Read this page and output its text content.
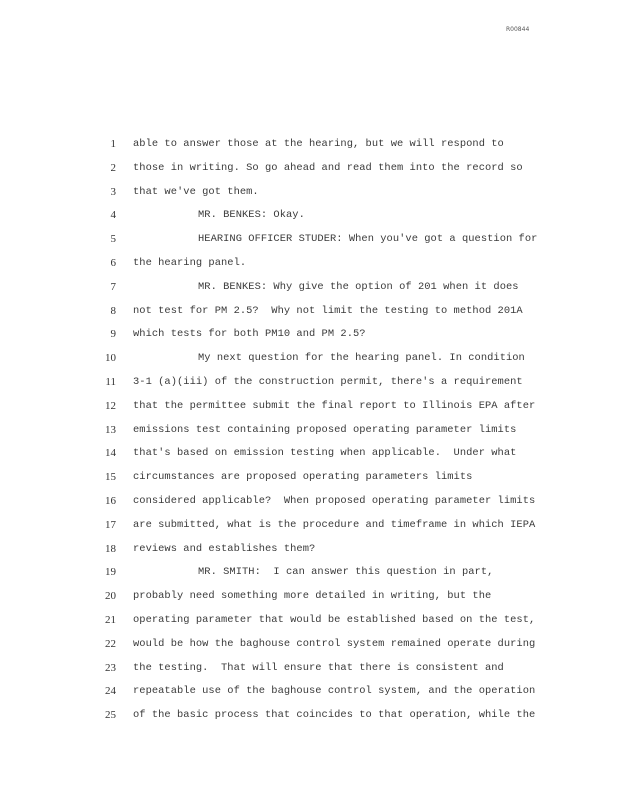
R00844
1 able to answer those at the hearing, but we will respond to
2 those in writing. So go ahead and read them into the record so
3 that we've got them.
4	MR. BENKES: Okay.
5	HEARING OFFICER STUDER: When you've got a question for
6 the hearing panel.
7	MR. BENKES: Why give the option of 201 when it does
8 not test for PM 2.5?  Why not limit the testing to method 201A
9 which tests for both PM10 and PM 2.5?
10	My next question for the hearing panel. In condition
11 3-1 (a)(iii) of the construction permit, there's a requirement
12 that the permittee submit the final report to Illinois EPA after
13 emissions test containing proposed operating parameter limits
14 that's based on emission testing when applicable.  Under what
15 circumstances are proposed operating parameters limits
16 considered applicable?  When proposed operating parameter limits
17 are submitted, what is the procedure and timeframe in which IEPA
18 reviews and establishes them?
19	MR. SMITH:  I can answer this question in part,
20 probably need something more detailed in writing, but the
21 operating parameter that would be established based on the test,
22 would be how the baghouse control system remained operate during
23 the testing.  That will ensure that there is consistent and
24 repeatable use of the baghouse control system, and the operation
25 of the basic process that coincides to that operation, while the
